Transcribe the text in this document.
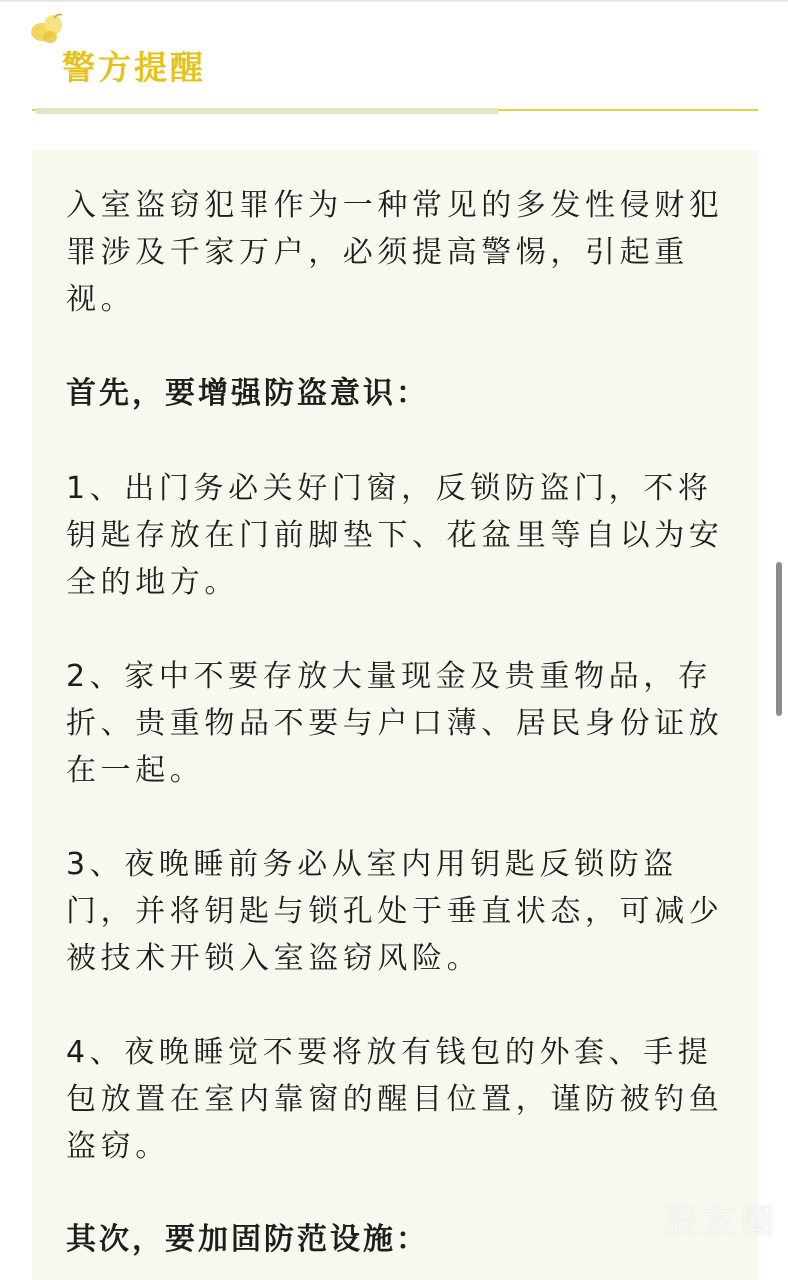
警方提醒

入室盗窃犯罪作为一种常见的多发性侵财犯罪涉及千家万户，必须提高警惕，引起重视。

首先，要增强防盗意识：

1、出门务必关好门窗，反锁防盗门，不将钥匙存放在门前脚垫下、花盆里等自以为安全的地方。

2、家中不要存放大量现金及贵重物品，存折、贵重物品不要与户口薄、居民身份证放在一起。

3、夜晚睡前务必从室内用钥匙反锁防盗门，并将钥匙与锁孔处于垂直状态，可减少被技术开锁入室盗窃风险。

4、夜晚睡觉不要将放有钱包的外套、手提包放置在室内靠窗的醒目位置，谨防被钓鱼盗窃。

其次，要加固防范设施：	股友圈
